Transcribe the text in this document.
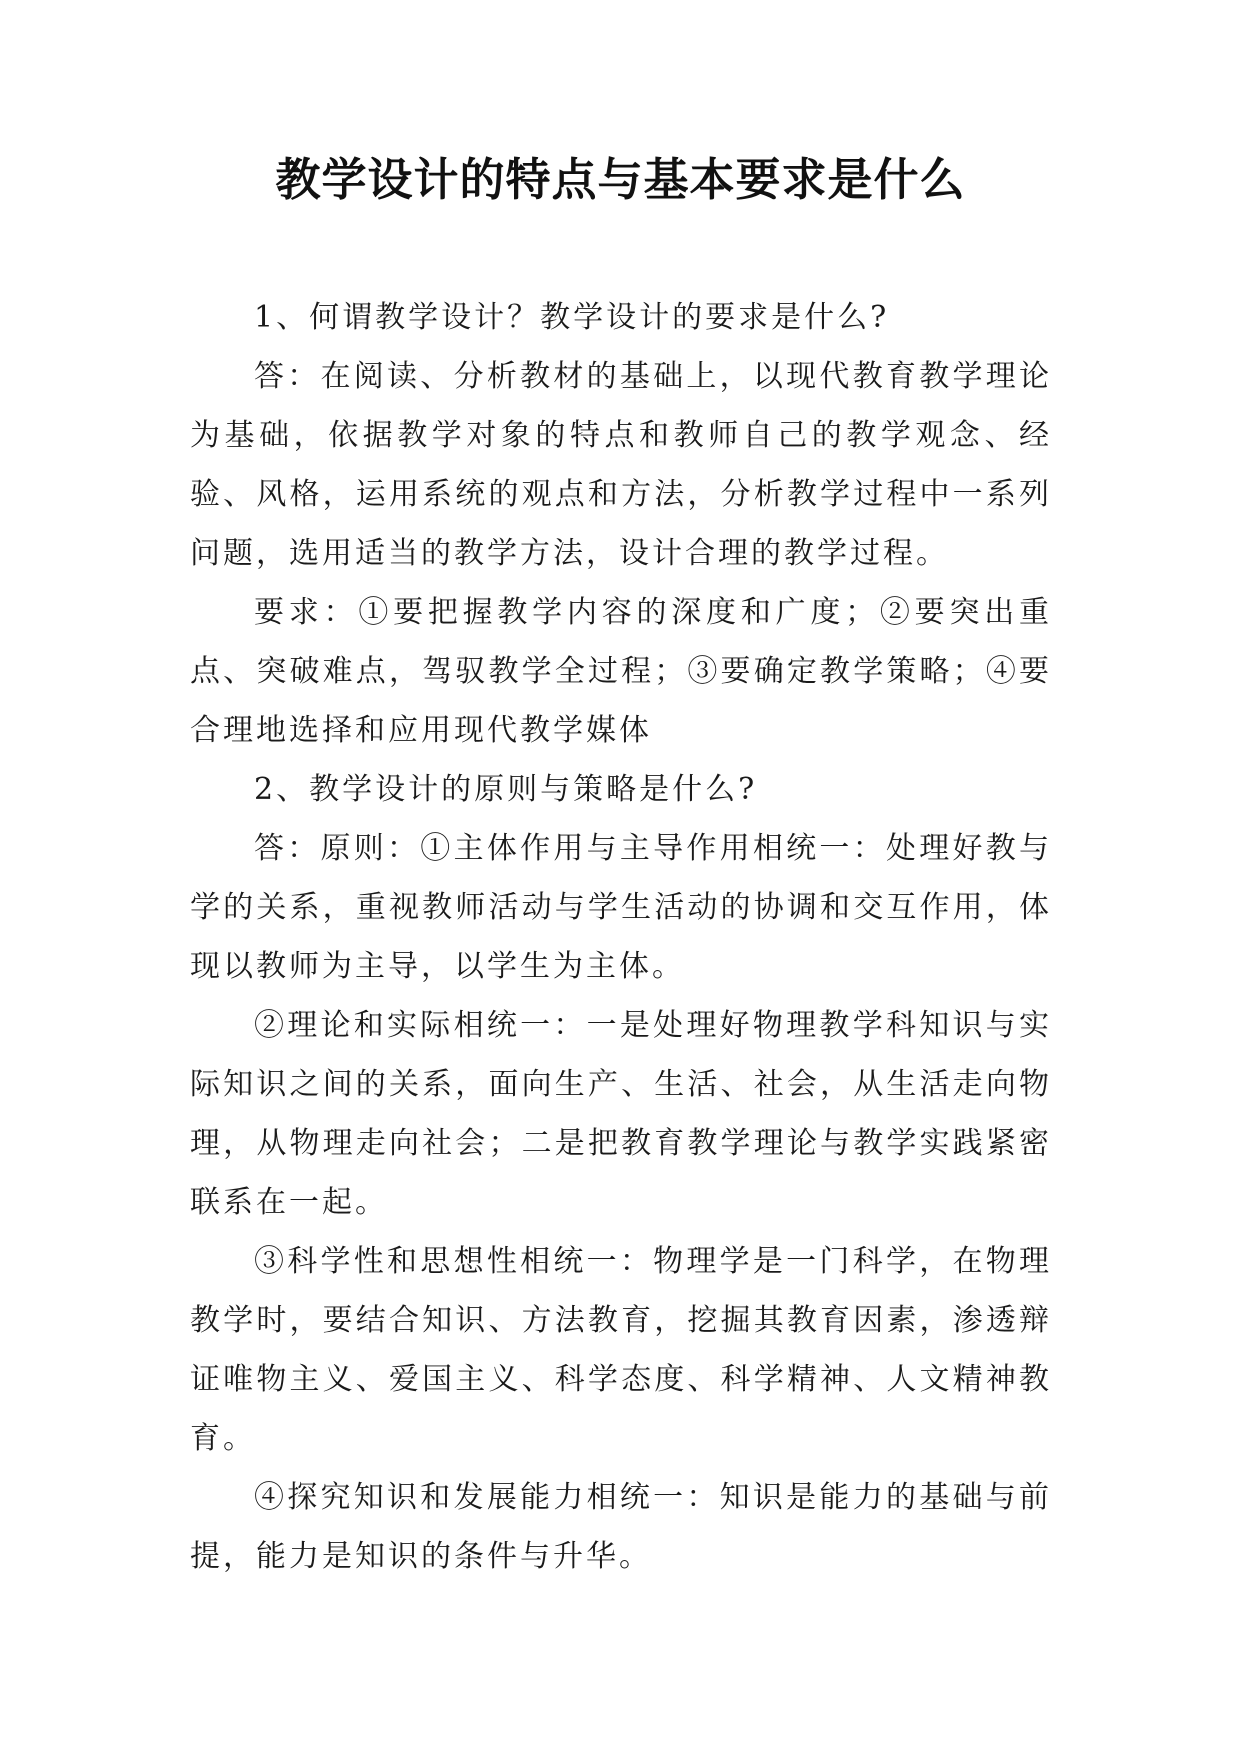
教学设计的特点与基本要求是什么

1、何谓教学设计？教学设计的要求是什么?

答：在阅读、分析教材的基础上，以现代教育教学理论为基础，依据教学对象的特点和教师自己的教学观念、经验、风格，运用系统的观点和方法，分析教学过程中一系列问题，选用适当的教学方法，设计合理的教学过程。

要求：①要把握教学内容的深度和广度；②要突出重点、突破难点，驾驭教学全过程；③要确定教学策略；④要合理地选择和应用现代教学媒体

2、教学设计的原则与策略是什么?

答：原则：①主体作用与主导作用相统一：处理好教与学的关系，重视教师活动与学生活动的协调和交互作用，体现以教师为主导，以学生为主体。

②理论和实际相统一：一是处理好物理教学科知识与实际知识之间的关系，面向生产、生活、社会，从生活走向物理，从物理走向社会；二是把教育教学理论与教学实践紧密联系在一起。

③科学性和思想性相统一：物理学是一门科学，在物理教学时，要结合知识、方法教育，挖掘其教育因素，渗透辩证唯物主义、爱国主义、科学态度、科学精神、人文精神教育。

④探究知识和发展能力相统一：知识是能力的基础与前提，能力是知识的条件与升华。
